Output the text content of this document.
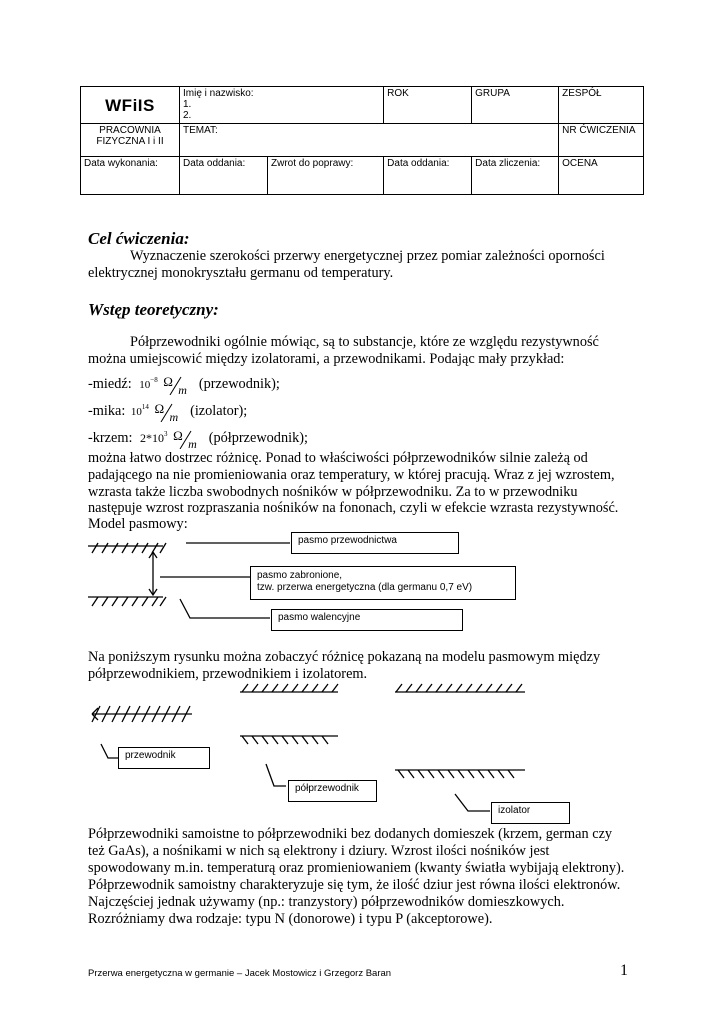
WFiIS	Imię i nazwisko:
1.
2.		ROK	GRUPA	ZESPÓŁ

PRACOWNIA
FIZYCZNA I i II	TEMAT:				NR ĆWICZENIA
Data wykonania:	Data oddania:	Zwrot do poprawy:	Data oddania:	Data zliczenia:	OCENA
Cel ćwiczenia:
Wyznaczenie szerokości przerwy energetycznej przez pomiar zależności oporności
elektrycznej monokryształu germanu od temperatury.
Wstęp teoretyczny:
Półprzewodniki ogólnie mówiąc, są to substancje, które ze względu rezystywność
można umiejscowić między izolatorami, a przewodnikami. Podając mały przykład:
-miedź: $10^{-8}$ Ω
m (przewodnik);
-mika: $10^{14}$ Ω
m (izolator);
-krzem: $2*10^3$ Ω
m (półprzewodnik);
można łatwo dostrzec różnicę. Ponad to właściwości półprzewodników silnie zależą od
padającego na nie promieniowania oraz temperatury, w której pracują. Wraz z jej wzrostem,
wzrasta także liczba swobodnych nośników w półprzewodniku. Za to w przewodniku
następuje wzrost rozpraszania nośników na fononach, czyli w efekcie wzrasta rezystywność.
Model pasmowy:
pasmo przewodnictwa
pasmo zabronione,
tzw. przerwa energetyczna (dla germanu 0,7 eV)
pasmo walencyjne
Na poniższym rysunku można zobaczyć różnicę pokazaną na modelu pasmowym między
półprzewodnikiem, przewodnikiem i izolatorem.
przewodnik
półprzewodnik
izolator
Półprzewodniki samoistne to półprzewodniki bez dodanych domieszek (krzem, german czy
też GaAs), a nośnikami w nich są elektrony i dziury. Wzrost ilości nośników jest
spowodowany m.in. temperaturą oraz promieniowaniem (kwanty światła wybijają elektrony).
Półprzewodnik samoistny charakteryzuje się tym, że ilość dziur jest równa ilości elektronów.
Najczęściej jednak używamy (np.: tranzystory) półprzewodników domieszkowych.
Rozróżniamy dwa rodzaje: typu N (donorowe) i typu P (akceptorowe).
Przerwa energetyczna w germanie – Jacek Mostowicz i Grzegorz Baran	1
